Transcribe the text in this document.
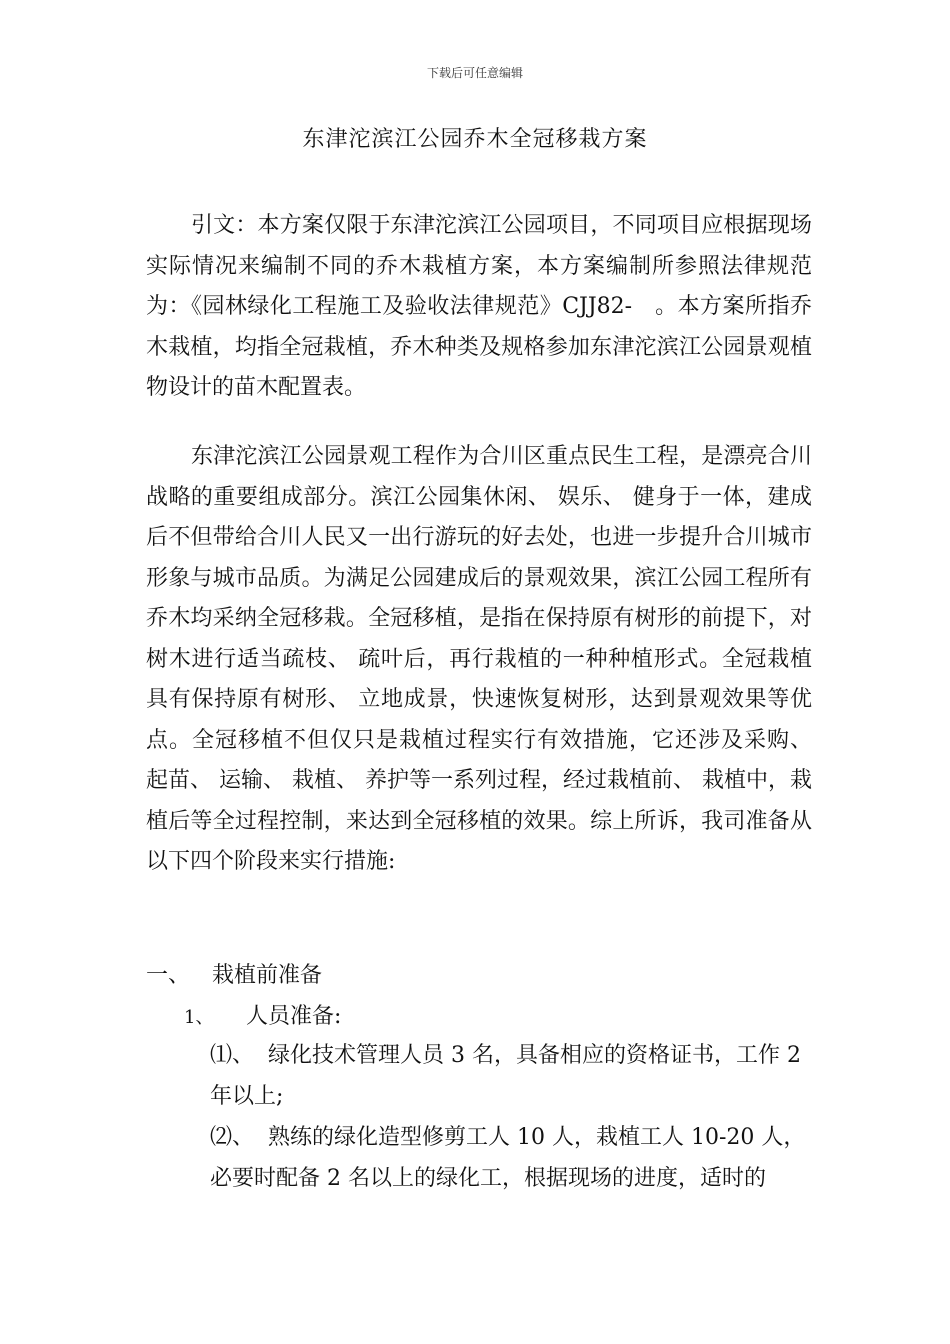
下载后可任意编辑
东津沱滨江公园乔木全冠移栽方案

引文：本方案仅限于东津沱滨江公园项目，不同项目应根据现场实际情况来编制不同的乔木栽植方案，本方案编制所参照法律规范为：《园林绿化工程施工及验收法律规范》CJJ82-　。本方案所指乔木栽植，均指全冠栽植，乔木种类及规格参加东津沱滨江公园景观植物设计的苗木配置表。

东津沱滨江公园景观工程作为合川区重点民生工程，是漂亮合川战略的重要组成部分。滨江公园集休闲、 娱乐、 健身于一体，建成后不但带给合川人民又一出行游玩的好去处，也进一步提升合川城市形象与城市品质。为满足公园建成后的景观效果，滨江公园工程所有乔木均采纳全冠移栽。全冠移植，是指在保持原有树形的前提下，对树木进行适当疏枝、 疏叶后，再行栽植的一种种植形式。全冠栽植具有保持原有树形、 立地成景，快速恢复树形，达到景观效果等优点。全冠移植不但仅只是栽植过程实行有效措施，它还涉及采购、 起苗、 运输、 栽植、 养护等一系列过程，经过栽植前、 栽植中，栽植后等全过程控制，来达到全冠移植的效果。综上所诉，我司准备从以下四个阶段来实行措施:

一、 栽植前准备
1、 人员准备:

⑴、 绿化技术管理人员 3 名，具备相应的资格证书，工作 2 年以上;

⑵、 熟练的绿化造型修剪工人 10 人，栽植工人 10-20 人，必要时配备 2 名以上的绿化工，根据现场的进度，适时的
